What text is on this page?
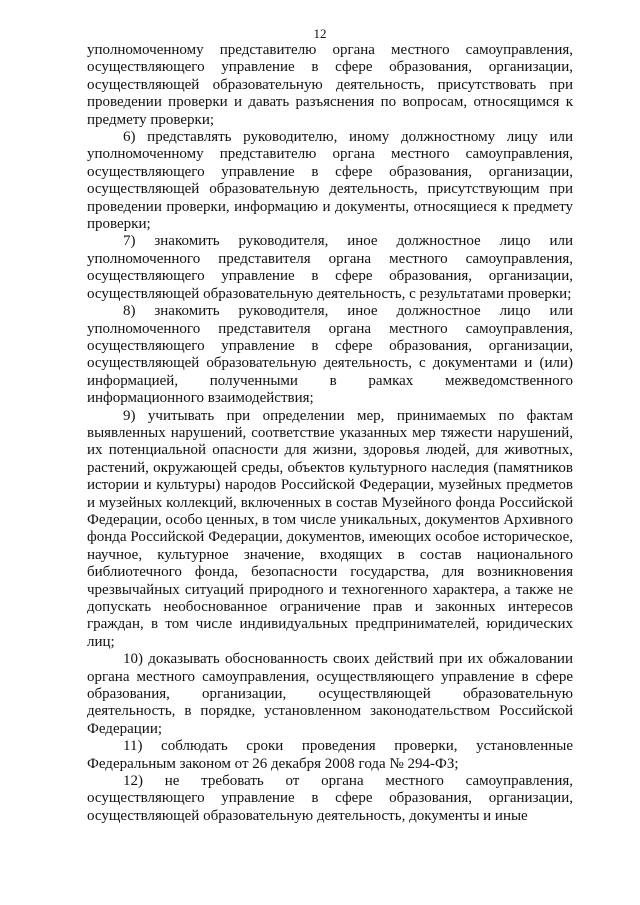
12

уполномоченному представителю органа местного самоуправления, осуществляющего управление в сфере образования, организации, осуществляющей образовательную деятельность, присутствовать при проведении проверки и давать разъяснения по вопросам, относящимся к предмету проверки;

6) представлять руководителю, иному должностному лицу или уполномоченному представителю органа местного самоуправления, осуществляющего управление в сфере образования, организации, осуществляющей образовательную деятельность, присутствующим при проведении проверки, информацию и документы, относящиеся к предмету проверки;

7) знакомить руководителя, иное должностное лицо или уполномоченного представителя органа местного самоуправления, осуществляющего управление в сфере образования, организации, осуществляющей образовательную деятельность, с результатами проверки;

8) знакомить руководителя, иное должностное лицо или уполномоченного представителя органа местного самоуправления, осуществляющего управление в сфере образования, организации, осуществляющей образовательную деятельность, с документами и (или) информацией, полученными в рамках межведомственного информационного взаимодействия;

9) учитывать при определении мер, принимаемых по фактам выявленных нарушений, соответствие указанных мер тяжести нарушений, их потенциальной опасности для жизни, здоровья людей, для животных, растений, окружающей среды, объектов культурного наследия (памятников истории и культуры) народов Российской Федерации, музейных предметов и музейных коллекций, включенных в состав Музейного фонда Российской Федерации, особо ценных, в том числе уникальных, документов Архивного фонда Российской Федерации, документов, имеющих особое историческое, научное, культурное значение, входящих в состав национального библиотечного фонда, безопасности государства, для возникновения чрезвычайных ситуаций природного и техногенного характера, а также не допускать необоснованное ограничение прав и законных интересов граждан, в том числе индивидуальных предпринимателей, юридических лиц;

10) доказывать обоснованность своих действий при их обжаловании органа местного самоуправления, осуществляющего управление в сфере образования, организации, осуществляющей образовательную деятельность, в порядке, установленном законодательством Российской Федерации;

11) соблюдать сроки проведения проверки, установленные Федеральным законом от 26 декабря 2008 года № 294-ФЗ;

12) не требовать от органа местного самоуправления, осуществляющего управление в сфере образования, организации, осуществляющей образовательную деятельность, документы и иные
